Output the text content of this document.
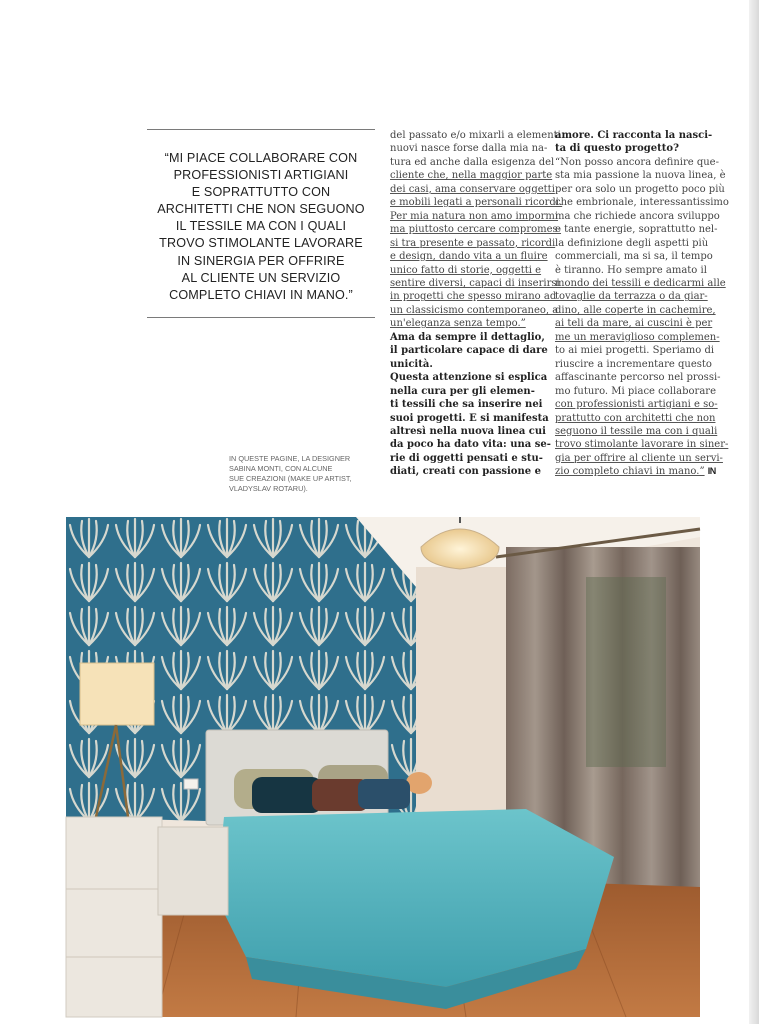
“MI PIACE COLLABORARE CON
PROFESSIONISTI ARTIGIANI
E SOPRATTUTTO CON
ARCHITETTI CHE NON SEGUONO
IL TESSILE MA CON I QUALI
TROVO STIMOLANTE LAVORARE
IN SINERGIA PER OFFRIRE
AL CLIENTE UN SERVIZIO
COMPLETO CHIAVI IN MANO.”

IN QUESTE PAGINE, LA DESIGNER
SABINA MONTI, CON ALCUNE
SUE CREAZIONI (MAKE UP ARTIST,
VLADYSLAV ROTARU).

del passato e/o mixarli a elementi
nuovi nasce forse dalla mia na-
tura ed anche dalla esigenza del
cliente che, nella maggior parte
dei casi, ama conservare oggetti
e mobili legati a personali ricordi.
Per mia natura non amo impormi
ma piuttosto cercare compromes-
si tra presente e passato, ricordi
e design, dando vita a un fluire
unico fatto di storie, oggetti e
sentire diversi, capaci di inserirsi
in progetti che spesso mirano ad
un classicismo contemporaneo, a
un'eleganza senza tempo.”
Ama da sempre il dettaglio,
il particolare capace di dare
unicità.
Questa attenzione si esplica
nella cura per gli elemen-
ti tessili che sa inserire nei
suoi progetti. E si manifesta
altresì nella nuova linea cui
da poco ha dato vita: una se-
rie di oggetti pensati e stu-
diati, creati con passione e
amore. Ci racconta la nasci-
ta di questo progetto?
“Non posso ancora definire que-
sta mia passione la nuova linea, è
per ora solo un progetto poco più
che embrionale, interessantissimo
ma che richiede ancora sviluppo
e tante energie, soprattutto nel-
la definizione degli aspetti più
commerciali, ma si sa, il tempo
è tiranno. Ho sempre amato il
mondo dei tessili e dedicarmi alle
tovaglie da terrazza o da giar-
dino, alle coperte in cachemire,
ai teli da mare, ai cuscini è per
me un meraviglioso complemen-
to ai miei progetti. Speriamo di
riuscire a incrementare questo
affascinante percorso nel prossi-
mo futuro. Mi piace collaborare
con professionisti artigiani e so-
prattutto con architetti che non
seguono il tessile ma con i quali
trovo stimolante lavorare in siner-
gia per offrire al cliente un servi-
zio completo chiavi in mano.” IN
